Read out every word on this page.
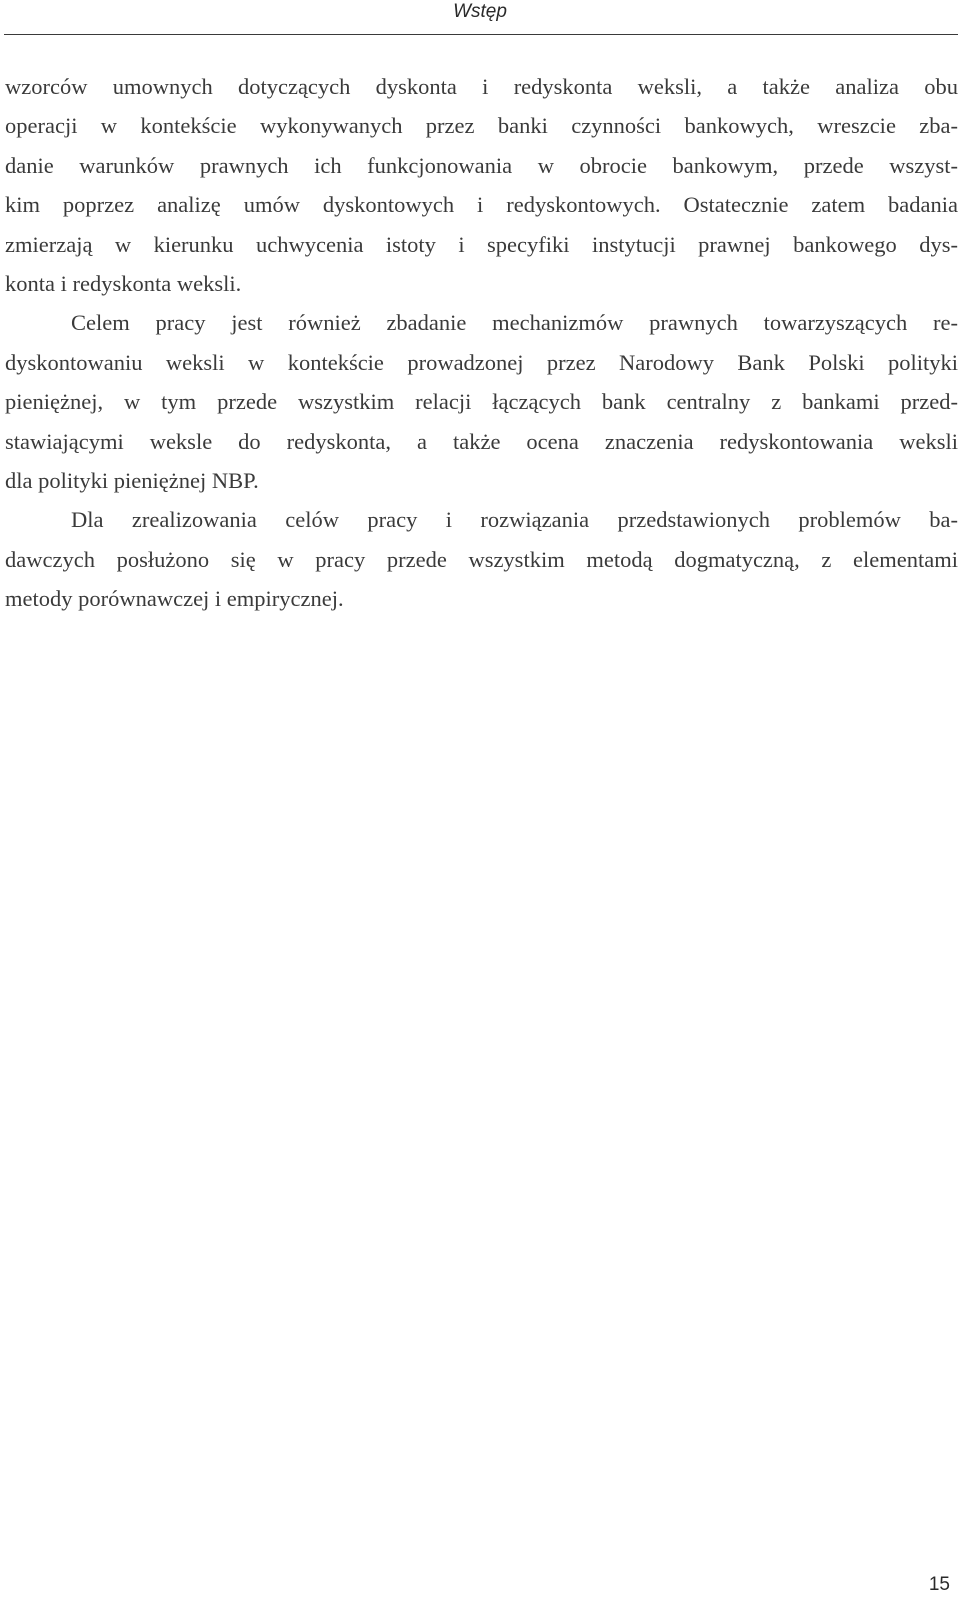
Wstęp
wzorców umownych dotyczących dyskonta i redyskonta weksli, a także analiza obu
operacji w kontekście wykonywanych przez banki czynności bankowych, wreszcie zba-
danie warunków prawnych ich funkcjonowania w obrocie bankowym, przede wszyst-
kim poprzez analizę umów dyskontowych i redyskontowych. Ostatecznie zatem badania
zmierzają w kierunku uchwycenia istoty i specyfiki instytucji prawnej bankowego dys-
konta i redyskonta weksli.
Celem pracy jest również zbadanie mechanizmów prawnych towarzyszących re-
dyskontowaniu weksli w kontekście prowadzonej przez Narodowy Bank Polski polityki
pieniężnej, w tym przede wszystkim relacji łączących bank centralny z bankami przed-
stawiającymi weksle do redyskonta, a także ocena znaczenia redyskontowania weksli
dla polityki pieniężnej NBP.
Dla zrealizowania celów pracy i rozwiązania przedstawionych problemów ba-
dawczych posłużono się w pracy przede wszystkim metodą dogmatyczną, z elementami
metody porównawczej i empirycznej.
15
